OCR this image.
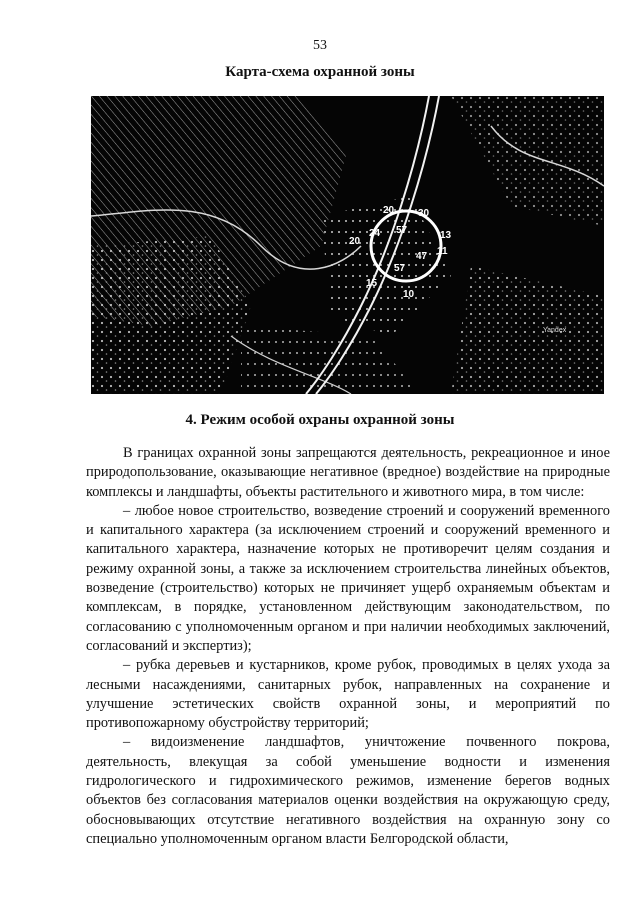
53
Карта-схема охранной зоны
20
57
24
20
47
57
15
10
30
13
11
Yandex
4. Режим особой охраны охранной зоны

В границах охранной зоны запрещаются деятельность, рекреационное и иное природопользование, оказывающие негативное (вредное) воздействие на природные комплексы и ландшафты, объекты растительного и животного мира, в том числе:

– любое новое строительство, возведение строений и сооружений временного и капитального характера (за исключением строений и сооружений временного и капитального характера, назначение которых не противоречит целям создания и режиму охранной зоны, а также за исключением строительства линейных объектов, возведение (строительство) которых не причиняет ущерб охраняемым объектам и комплексам, в порядке, установленном действующим законодательством, по согласованию с уполномоченным органом и при наличии необходимых заключений, согласований и экспертиз);

– рубка деревьев и кустарников, кроме рубок, проводимых в целях ухода за лесными насаждениями, санитарных рубок, направленных на сохранение и улучшение эстетических свойств охранной зоны, и мероприятий по противопожарному обустройству территорий;

– видоизменение ландшафтов, уничтожение почвенного покрова, деятельность, влекущая за собой уменьшение водности и изменения гидрологического и гидрохимического режимов, изменение берегов водных объектов без согласования материалов оценки воздействия на окружающую среду, обосновывающих отсутствие негативного воздействия на охранную зону со специально уполномоченным органом власти Белгородской области,
